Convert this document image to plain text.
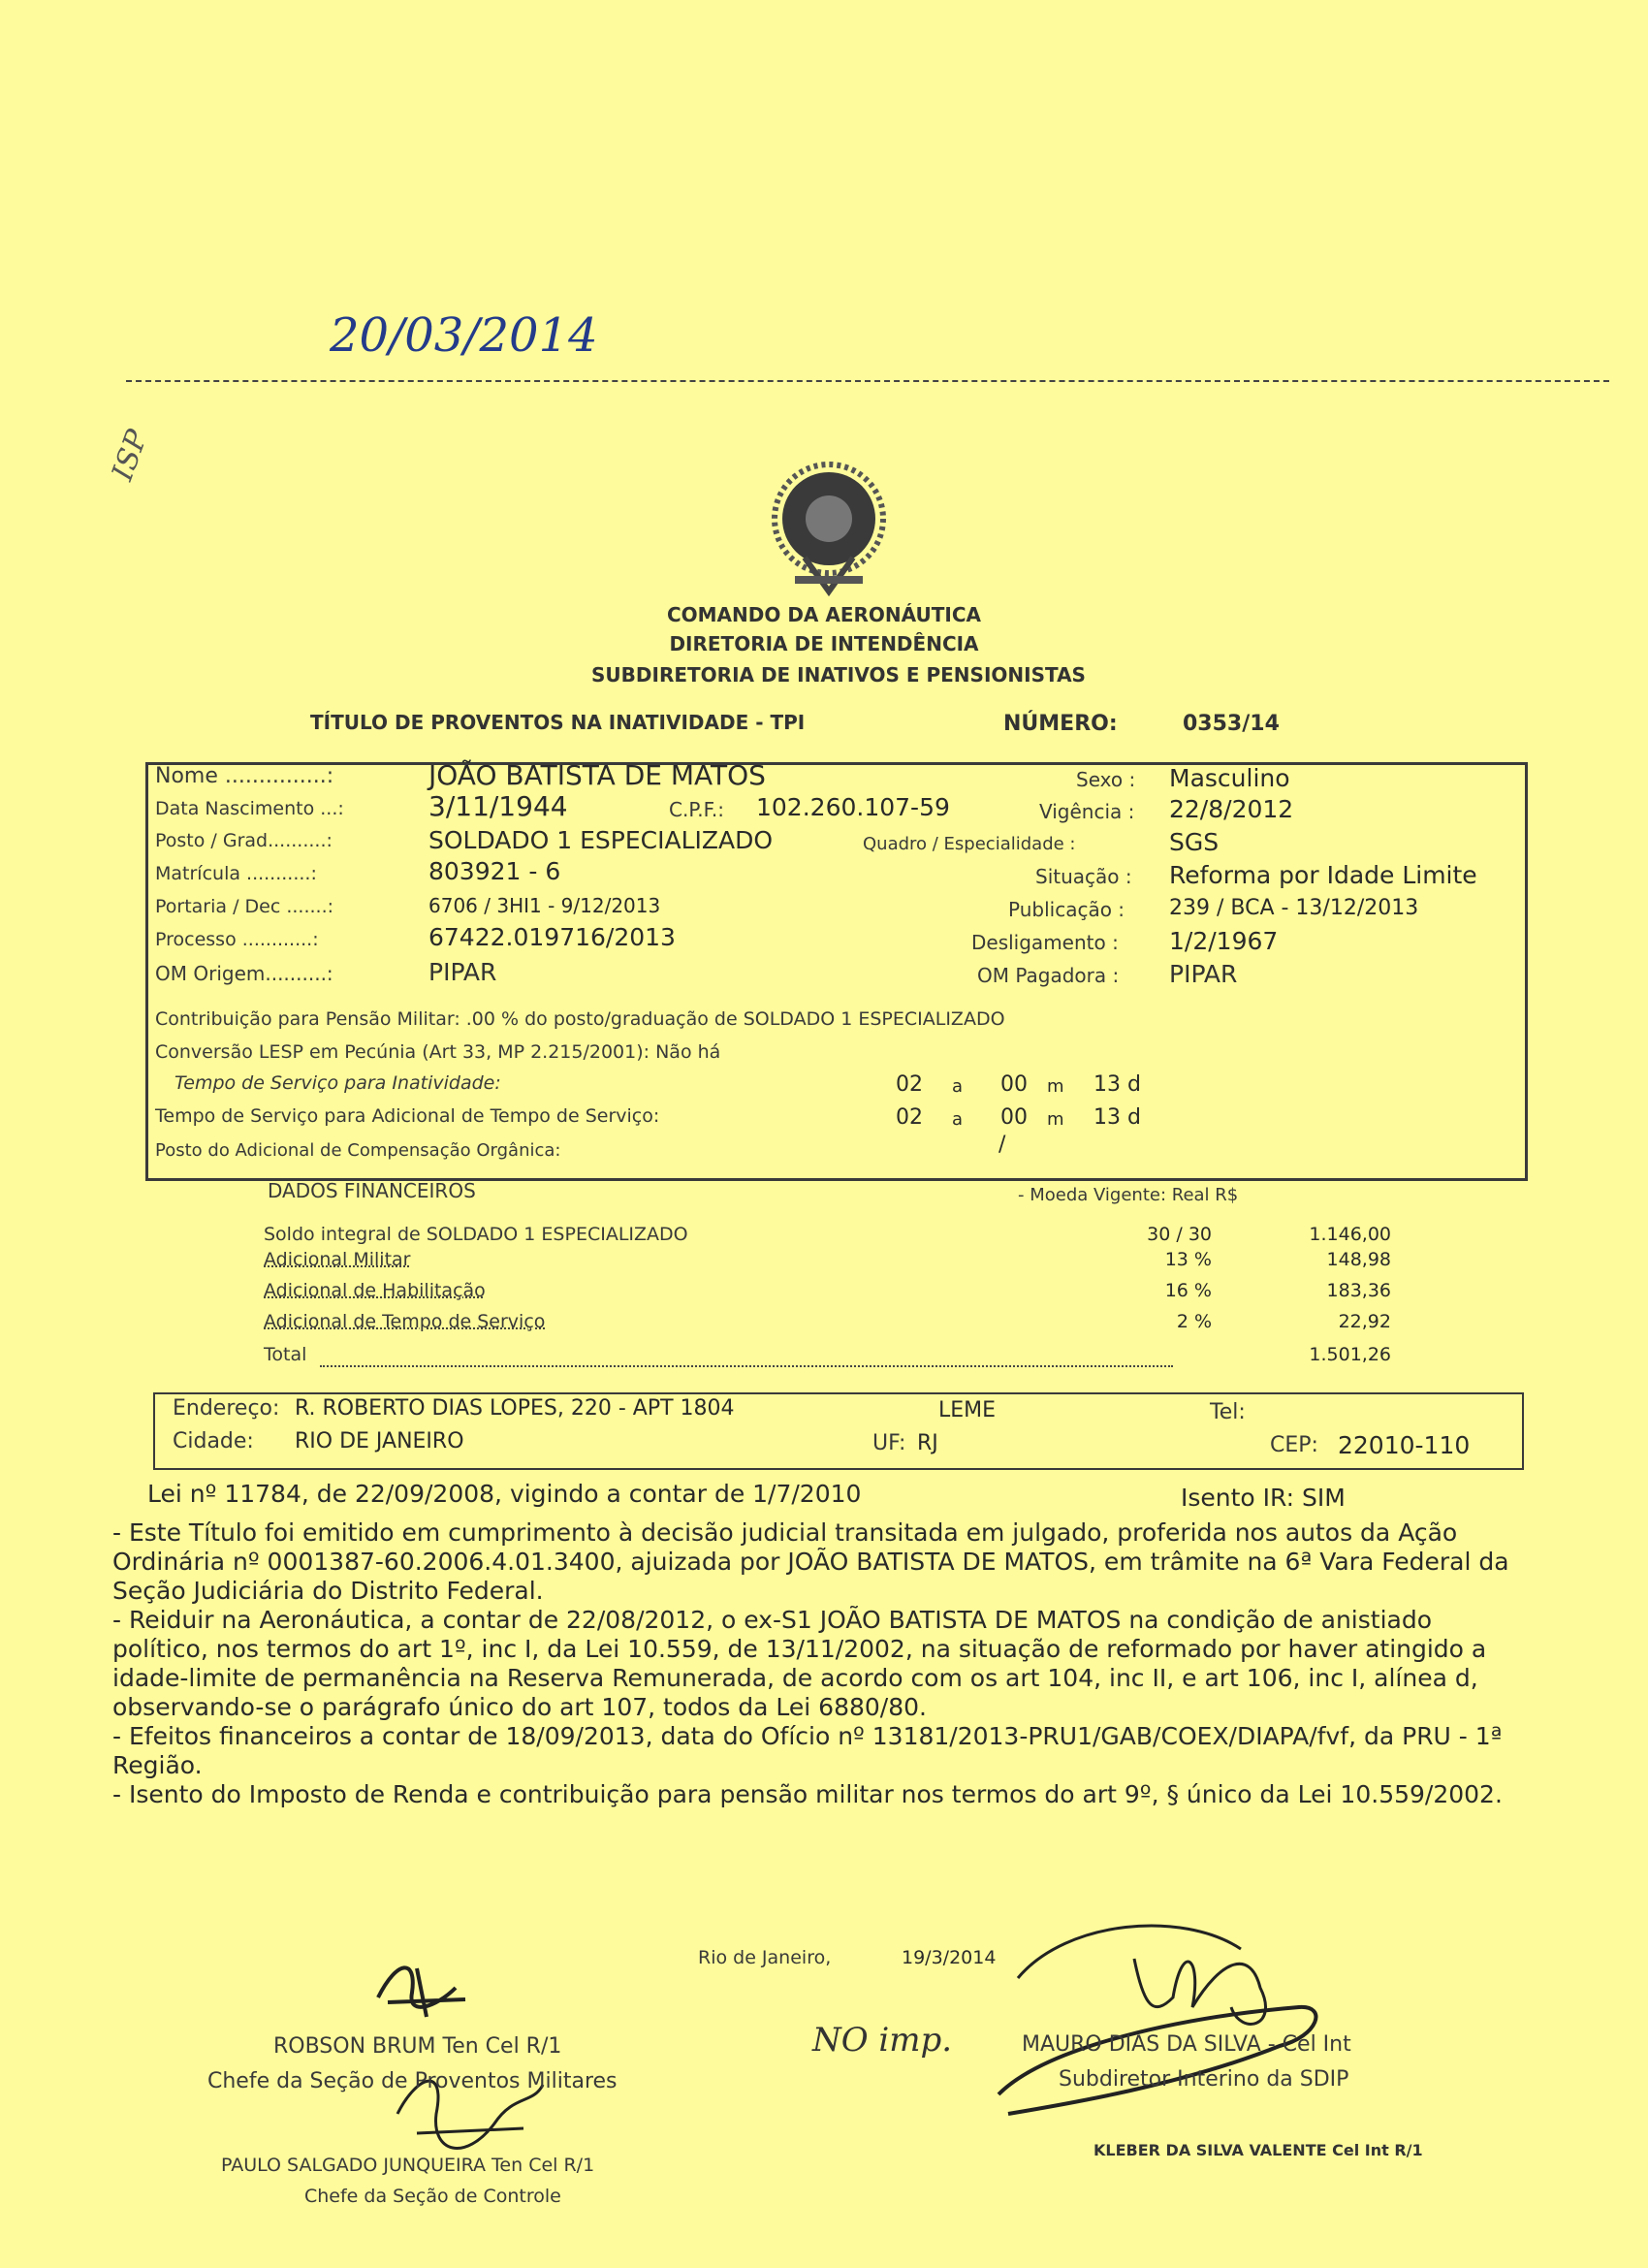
20/03/2014
ISP
COMANDO DA AERONÁUTICA
DIRETORIA DE INTENDÊNCIA
SUBDIRETORIA DE INATIVOS E PENSIONISTAS
TÍTULO DE PROVENTOS NA INATIVIDADE - TPI	NÚMERO:	0353/14
Nome ...............:	JOÃO BATISTA DE MATOS	Sexo : Masculino
Data Nascimento ...:	3/11/1944	C.P.F.: 102.260.107-59	Vigência : 22/8/2012
Posto / Grad..........:	SOLDADO 1 ESPECIALIZADO	Quadro / Especialidade :	SGS
Matrícula ...........:	803921 - 6	Situação : Reforma por Idade Limite
Portaria / Dec .......:	6706 / 3HI1 - 9/12/2013	Publicação : 239 / BCA - 13/12/2013
Processo ............:	67422.019716/2013	Desligamento : 1/2/1967
OM Origem..........:	PIPAR	OM Pagadora : PIPAR
Contribuição para Pensão Militar: .00 % do posto/graduação de SOLDADO 1 ESPECIALIZADO
Conversão LESP em Pecúnia (Art 33, MP 2.215/2001): Não há
Tempo de Serviço para Inatividade:	02 a 00 m 13 d
Tempo de Serviço para Adicional de Tempo de Serviço:	02 a 00 m 13 d
Posto do Adicional de Compensação Orgânica:	/
DADOS FINANCEIROS	- Moeda Vigente: Real R$
Soldo integral de SOLDADO 1 ESPECIALIZADO	30 / 30	1.146,00
Adicional Militar	13 %	148,98
Adicional de Habilitação	16 %	183,36
Adicional de Tempo de Serviço	2 %	22,92
Total	1.501,26
Endereço: R. ROBERTO DIAS LOPES, 220 - APT 1804	LEME	Tel:
Cidade: RIO DE JANEIRO	UF: RJ	CEP: 22010-110
Lei nº 11784, de 22/09/2008, vigindo a contar de 1/7/2010	Isento IR: SIM
- Este Título foi emitido em cumprimento à decisão judicial transitada em julgado, proferida nos autos da Ação Ordinária nº 0001387-60.2006.4.01.3400, ajuizada por JOÃO BATISTA DE MATOS, em trâmite na 6ª Vara Federal da Seção Judiciária do Distrito Federal.
- Reiduir na Aeronáutica, a contar de 22/08/2012, o ex-S1 JOÃO BATISTA DE MATOS na condição de anistiado político, nos termos do art 1º, inc I, da Lei 10.559, de 13/11/2002, na situação de reformado por haver atingido a idade-limite de permanência na Reserva Remunerada, de acordo com os art 104, inc II, e art 106, inc I, alínea d, observando-se o parágrafo único do art 107, todos da Lei 6880/80.
- Efeitos financeiros a contar de 18/09/2013, data do Ofício nº 13181/2013-PRU1/GAB/COEX/DIAPA/fvf, da PRU - 1ª Região.
- Isento do Imposto de Renda e contribuição para pensão militar nos termos do art 9º, § único da Lei 10.559/2002.
Rio de Janeiro,	19/3/2014
ROBSON BRUM Ten Cel R/1
Chefe da Seção de Proventos Militares
PAULO SALGADO JUNQUEIRA Ten Cel R/1
Chefe da Seção de Controle
NO imp.	MAURO DIAS DA SILVA - Cel Int
Subdiretor Interino da SDIP
KLEBER DA SILVA VALENTE Cel Int R/1
